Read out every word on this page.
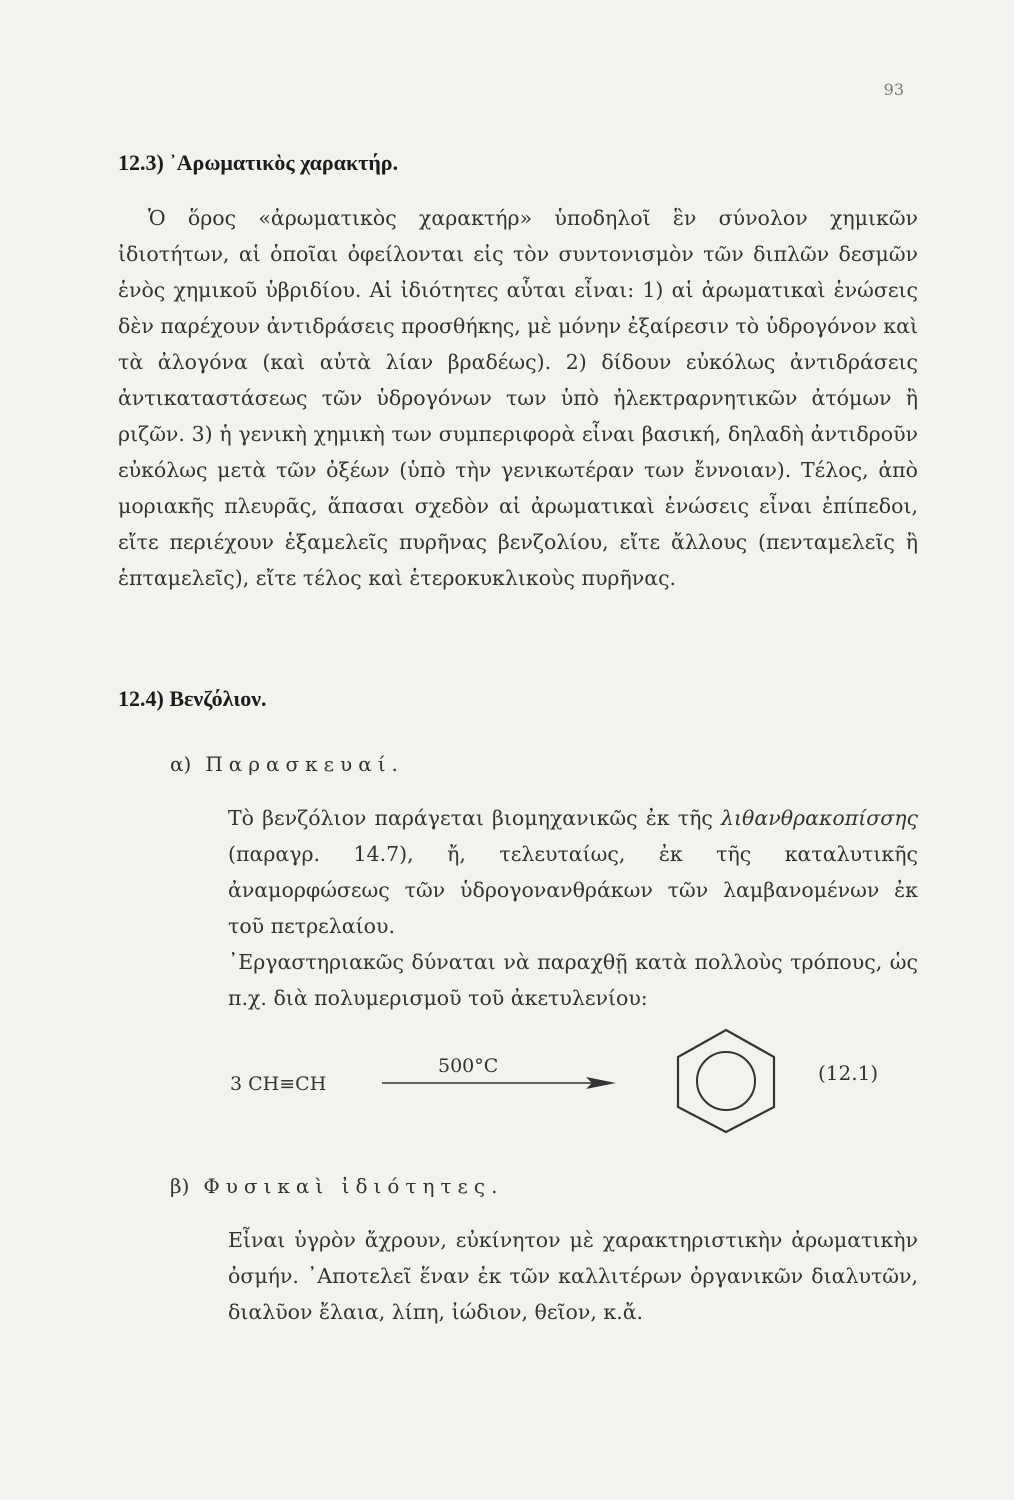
93
12.3) ᾿Αρωματικὸς χαρακτήρ.
Ὁ ὅρος «ἀρωματικὸς χαρακτήρ» ὑποδηλοῖ ἓν σύνολον χημικῶν ἰδιοτήτων, αἱ ὁποῖαι ὀφείλονται εἰς τὸν συντονισμὸν τῶν διπλῶν δεσμῶν ἑνὸς χημικοῦ ὑβριδίου. Αἱ ἰδιότητες αὗται εἶναι: 1) αἱ ἀρωματικαὶ ἑνώσεις δὲν παρέχουν ἀντιδράσεις προσθήκης, μὲ μόνην ἐξαίρεσιν τὸ ὑδρογόνον καὶ τὰ ἀλογόνα (καὶ αὐτὰ λίαν βραδέως). 2) δίδουν εὐκόλως ἀντιδράσεις ἀντικαταστάσεως τῶν ὑδρογόνων των ὑπὸ ἠλεκτραρνητικῶν ἀτόμων ἢ ριζῶν. 3) ἡ γενικὴ χημικὴ των συμπεριφορὰ εἶναι βασική, δηλαδὴ ἀντιδροῦν εὐκόλως μετὰ τῶν ὀξέων (ὑπὸ τὴν γενικωτέραν των ἔννοιαν). Τέλος, ἀπὸ μοριακῆς πλευρᾶς, ἅπασαι σχεδὸν αἱ ἀρωματικαὶ ἑνώσεις εἶναι ἐπίπεδοι, εἴτε περιέχουν ἑξαμελεῖς πυρῆνας βενζολίου, εἴτε ἄλλους (πενταμελεῖς ἢ ἑπταμελεῖς), εἴτε τέλος καὶ ἑτεροκυκλικοὺς πυρῆνας.
12.4) Βενζόλιον.
α) Παρασκευαί.
Τὸ βενζόλιον παράγεται βιομηχανικῶς ἐκ τῆς λιθανθρακοπίσσης (παραγρ. 14.7), ἤ, τελευταίως, ἐκ τῆς καταλυτικῆς ἀναμορφώσεως τῶν ὑδρογονανθράκων τῶν λαμβανομένων ἐκ τοῦ πετρελαίου.
᾿Εργαστηριακῶς δύναται νὰ παραχθῇ κατὰ πολλοὺς τρόπους, ὡς π.χ. διὰ πολυμερισμοῦ τοῦ ἀκετυλενίου:
3 CH≡CH
500°C	(12.1)
β) Φυσικαὶ ἰδιότητες.
Εἶναι ὑγρὸν ἄχρουν, εὐκίνητον μὲ χαρακτηριστικὴν ἀρωματικὴν ὀσμήν. ᾿Αποτελεῖ ἕναν ἐκ τῶν καλλιτέρων ὀργανικῶν διαλυτῶν, διαλῦον ἔλαια, λίπη, ἰώδιον, θεῖον, κ.ἄ.
